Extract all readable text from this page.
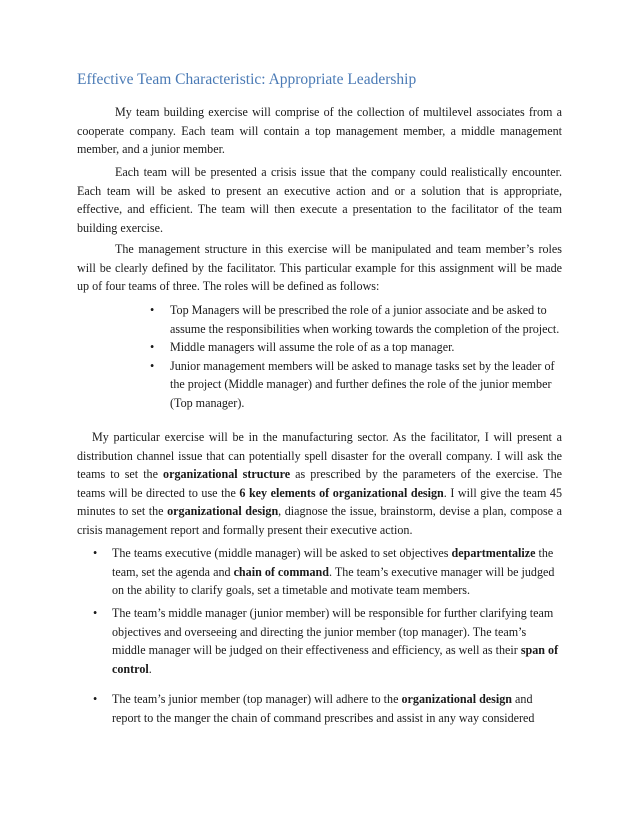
Effective Team Characteristic: Appropriate Leadership

My team building exercise will comprise of the collection of multilevel associates from a cooperate company. Each team will contain a top management member, a middle management member, and a junior member.

Each team will be presented a crisis issue that the company could realistically encounter. Each team will be asked to present an executive action and or a solution that is appropriate, effective, and efficient. The team will then execute a presentation to the facilitator of the team building exercise.

The management structure in this exercise will be manipulated and team member’s roles will be clearly defined by the facilitator. This particular example for this assignment will be made up of four teams of three. The roles will be defined as follows:

• Top Managers will be prescribed the role of a junior associate and be asked to assume the responsibilities when working towards the completion of the project.
• Middle managers will assume the role of as a top manager.
• Junior management members will be asked to manage tasks set by the leader of the project (Middle manager) and further defines the role of the junior member (Top manager).

My particular exercise will be in the manufacturing sector. As the facilitator, I will present a distribution channel issue that can potentially spell disaster for the overall company. I will ask the teams to set the organizational structure as prescribed by the parameters of the exercise. The teams will be directed to use the 6 key elements of organizational design. I will give the team 45 minutes to set the organizational design, diagnose the issue, brainstorm, devise a plan, compose a crisis management report and formally present their executive action.

• The teams executive (middle manager) will be asked to set objectives departmentalize the team, set the agenda and chain of command. The team’s executive manager will be judged on the ability to clarify goals, set a timetable and motivate team members.
• The team’s middle manager (junior member) will be responsible for further clarifying team objectives and overseeing and directing the junior member (top manager). The team’s middle manager will be judged on their effectiveness and efficiency, as well as their span of control.
• The team’s junior member (top manager) will adhere to the organizational design and report to the manger the chain of command prescribes and assist in any way considered
